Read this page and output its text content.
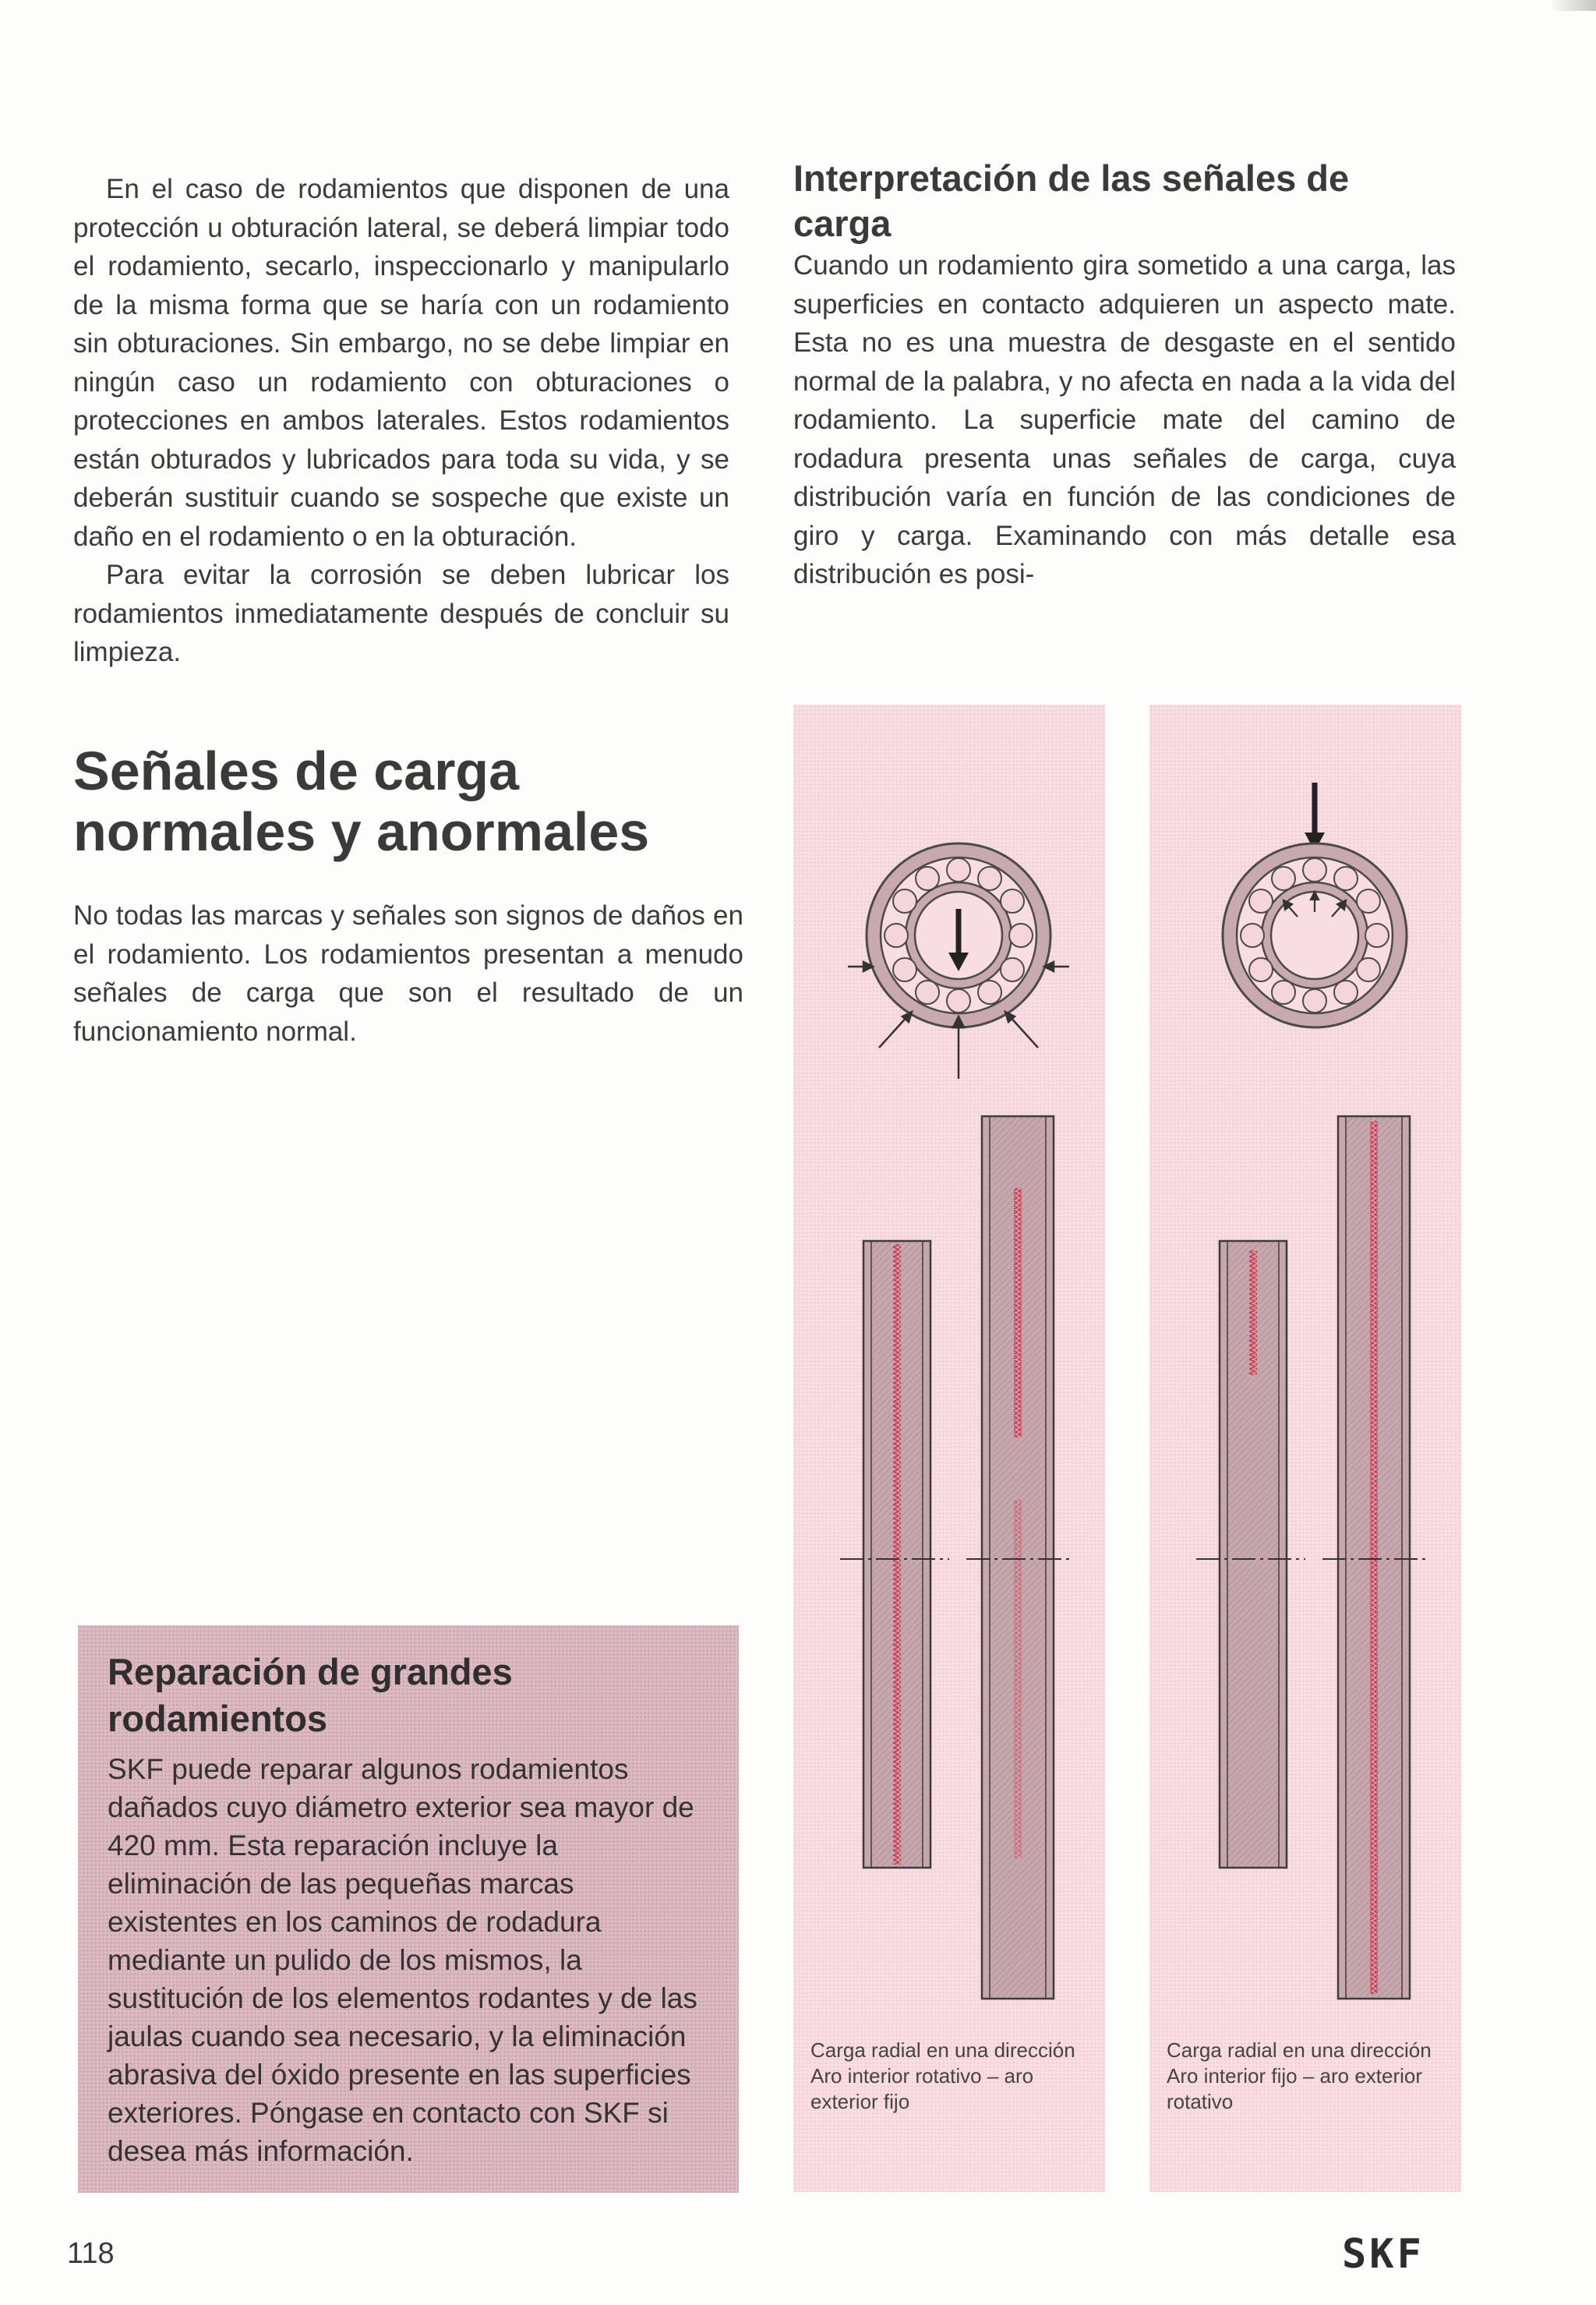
En el caso de rodamientos que disponen de una protección u obturación lateral, se deberá limpiar todo el rodamiento, secarlo, inspeccionarlo y manipularlo de la misma forma que se haría con un rodamiento sin obturaciones. Sin embargo, no se debe limpiar en ningún caso un rodamiento con obturaciones o protecciones en ambos laterales. Estos rodamientos están obturados y lubricados para toda su vida, y se deberán sustituir cuando se sospeche que existe un daño en el rodamiento o en la obturación.

Para evitar la corrosión se deben lubricar los rodamientos inmediatamente después de concluir su limpieza.

Señales de carga normales y anormales

No todas las marcas y señales son signos de daños en el rodamiento. Los rodamientos presentan a menudo señales de carga que son el resultado de un funcionamiento normal.

Reparación de grandes rodamientos

SKF puede reparar algunos rodamientos dañados cuyo diámetro exterior sea mayor de 420 mm. Esta reparación incluye la eliminación de las pequeñas marcas existentes en los caminos de rodadura mediante un pulido de los mismos, la sustitución de los elementos rodantes y de las jaulas cuando sea necesario, y la eliminación abrasiva del óxido presente en las superficies exteriores. Póngase en contacto con SKF si desea más información.

Interpretación de las señales de carga

Cuando un rodamiento gira sometido a una carga, las superficies en contacto adquieren un aspecto mate. Esta no es una muestra de desgaste en el sentido normal de la palabra, y no afecta en nada a la vida del rodamiento. La superficie mate del camino de rodadura presenta unas señales de carga, cuya distribución varía en función de las condiciones de giro y carga. Examinando con más detalle esa distribución es posi-

Carga radial en una dirección
Aro interior rotativo – aro exterior fijo
Carga radial en una dirección
Aro interior fijo – aro exterior rotativo
118	SKF
